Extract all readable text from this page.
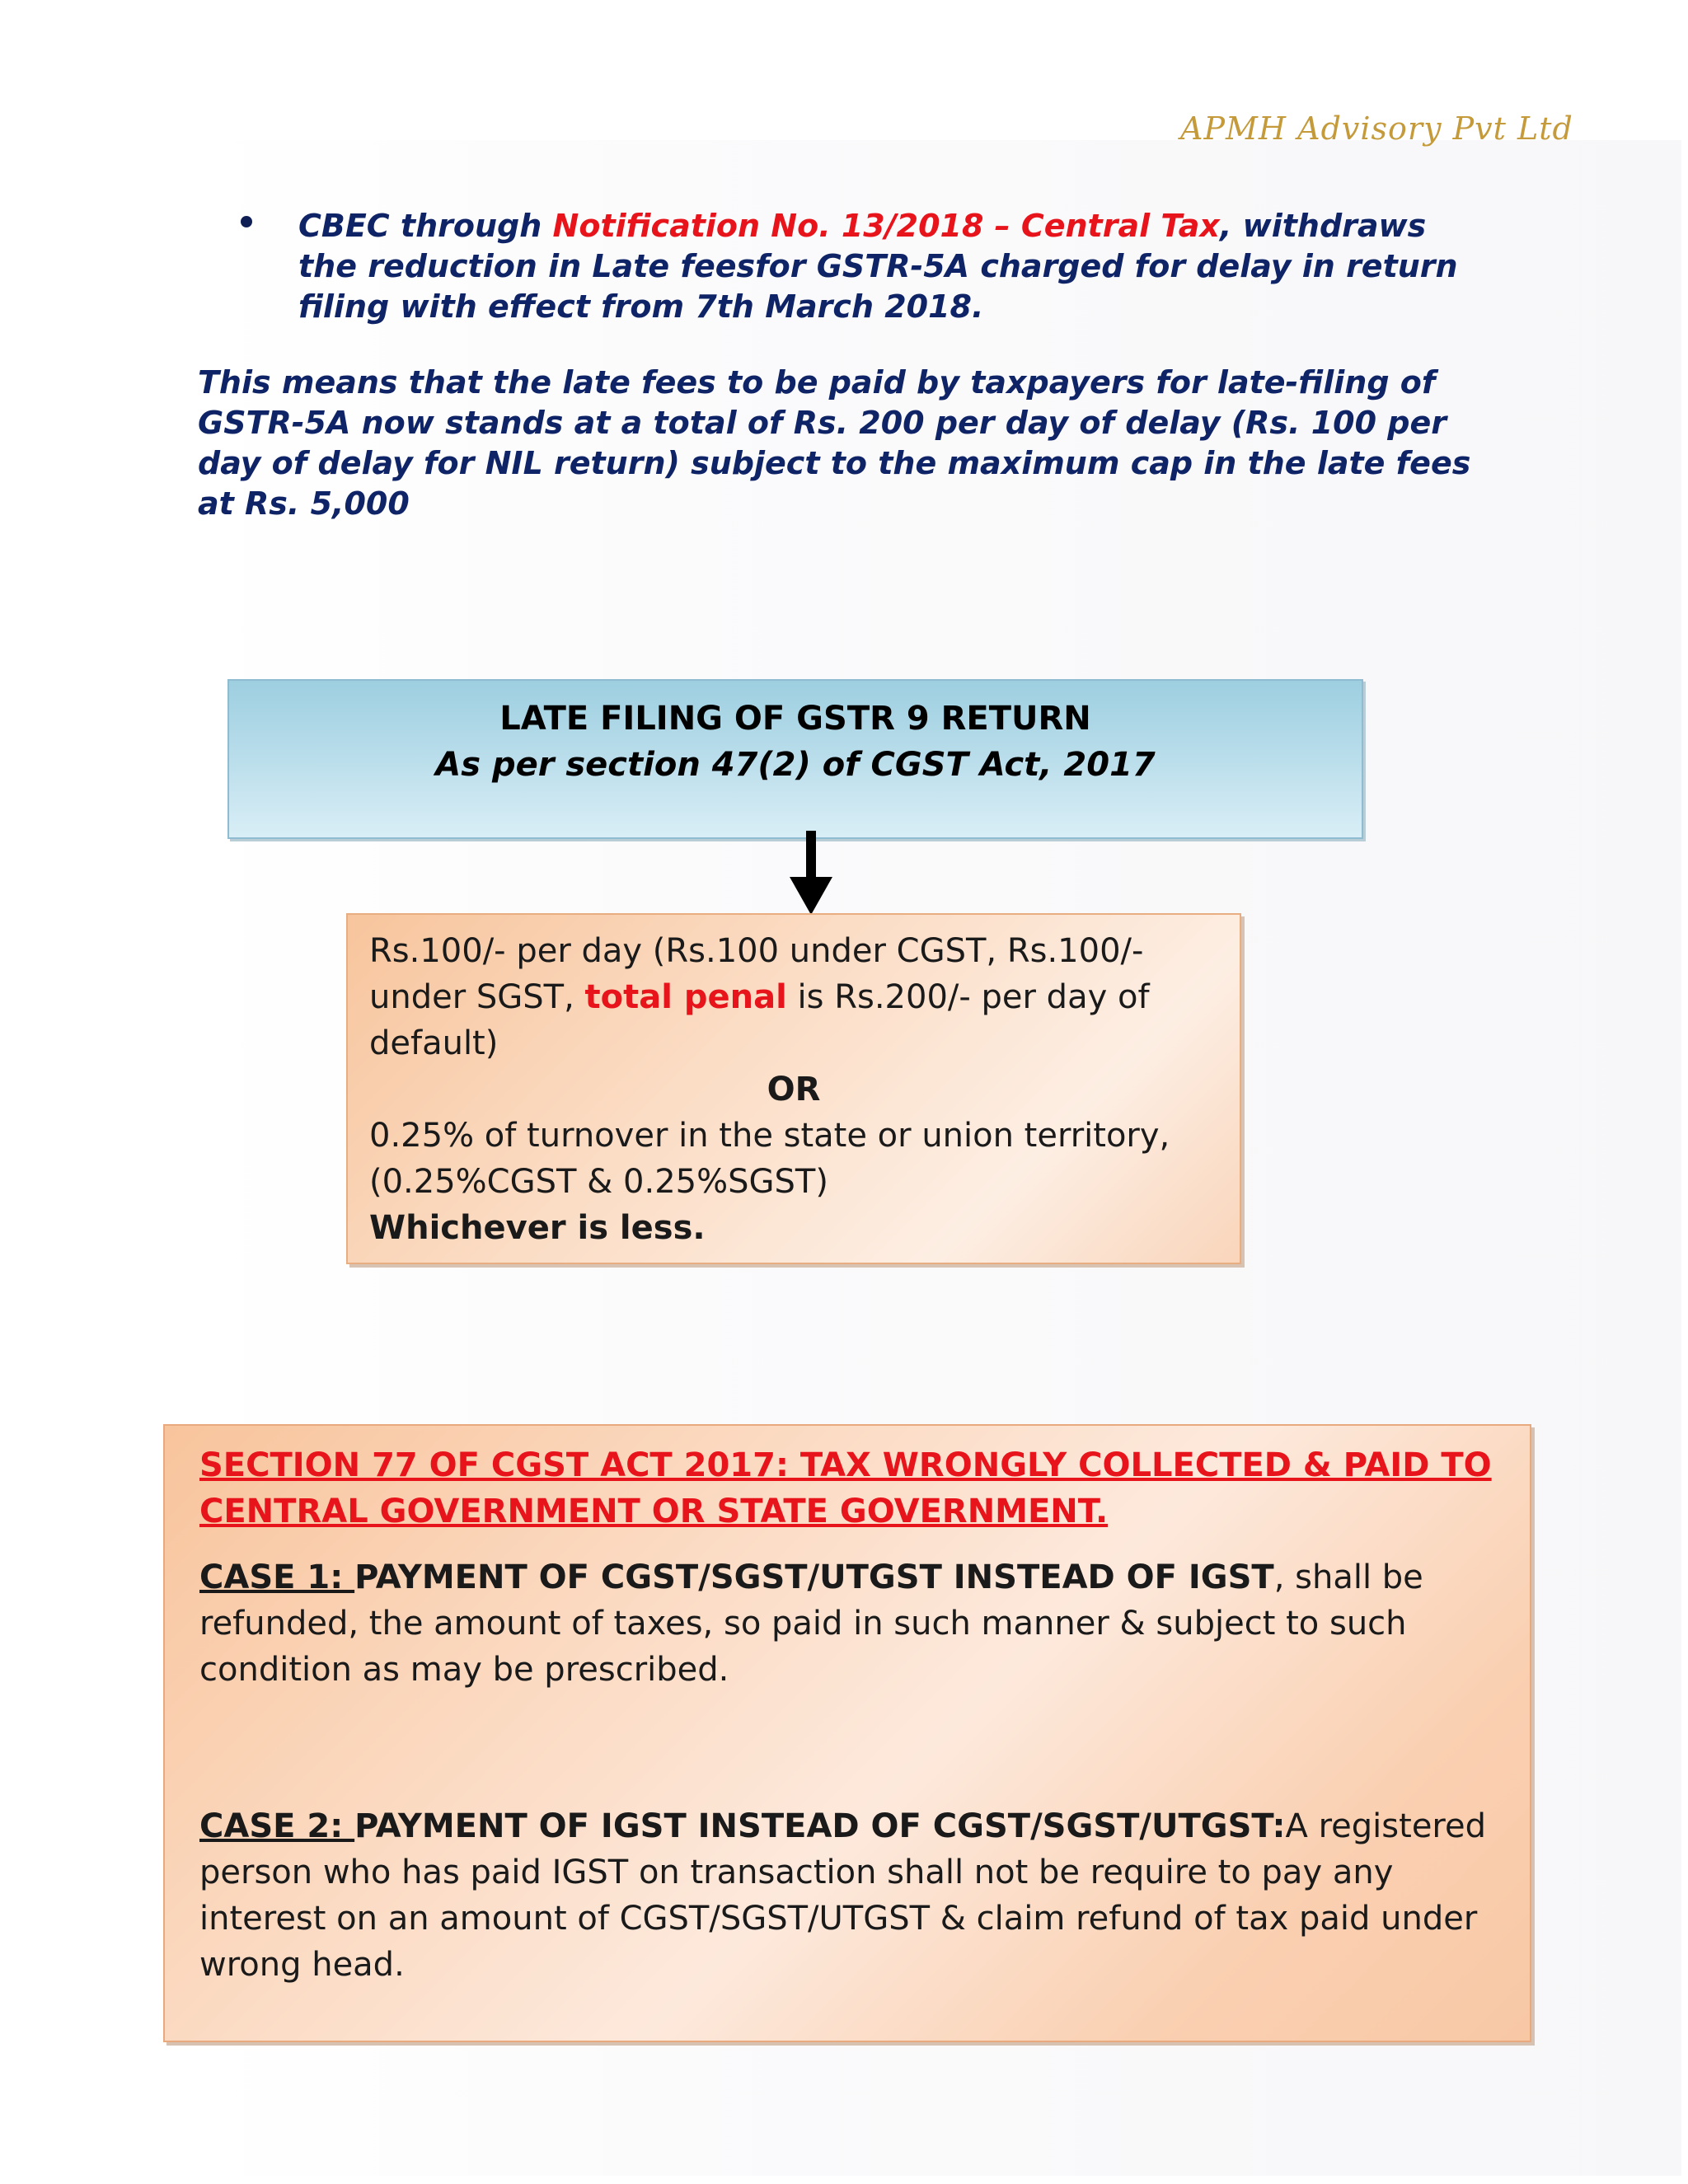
APMH Advisory Pvt Ltd
CBEC through Notification No. 13/2018 – Central Tax, withdraws the reduction in Late feesfor GSTR-5A charged for delay in return filing with effect from 7th March 2018.
This means that the late fees to be paid by taxpayers for late-filing of GSTR-5A now stands at a total of Rs. 200 per day of delay (Rs. 100 per day of delay for NIL return) subject to the maximum cap in the late fees at Rs. 5,000
LATE FILING OF GSTR 9 RETURN
As per section 47(2) of CGST Act, 2017
Rs.100/- per day (Rs.100 under CGST, Rs.100/- under SGST, total penal is Rs.200/- per day of default)
OR
0.25% of turnover in the state or union territory, (0.25%CGST & 0.25%SGST)
Whichever is less.
SECTION 77 OF CGST ACT 2017: TAX WRONGLY COLLECTED & PAID TO CENTRAL GOVERNMENT OR STATE GOVERNMENT.
CASE 1: PAYMENT OF CGST/SGST/UTGST INSTEAD OF IGST, shall be refunded, the amount of taxes, so paid in such manner & subject to such condition as may be prescribed.
CASE 2: PAYMENT OF IGST INSTEAD OF CGST/SGST/UTGST:A registered person who has paid IGST on transaction shall not be require to pay any interest on an amount of CGST/SGST/UTGST & claim refund of tax paid under wrong head.
